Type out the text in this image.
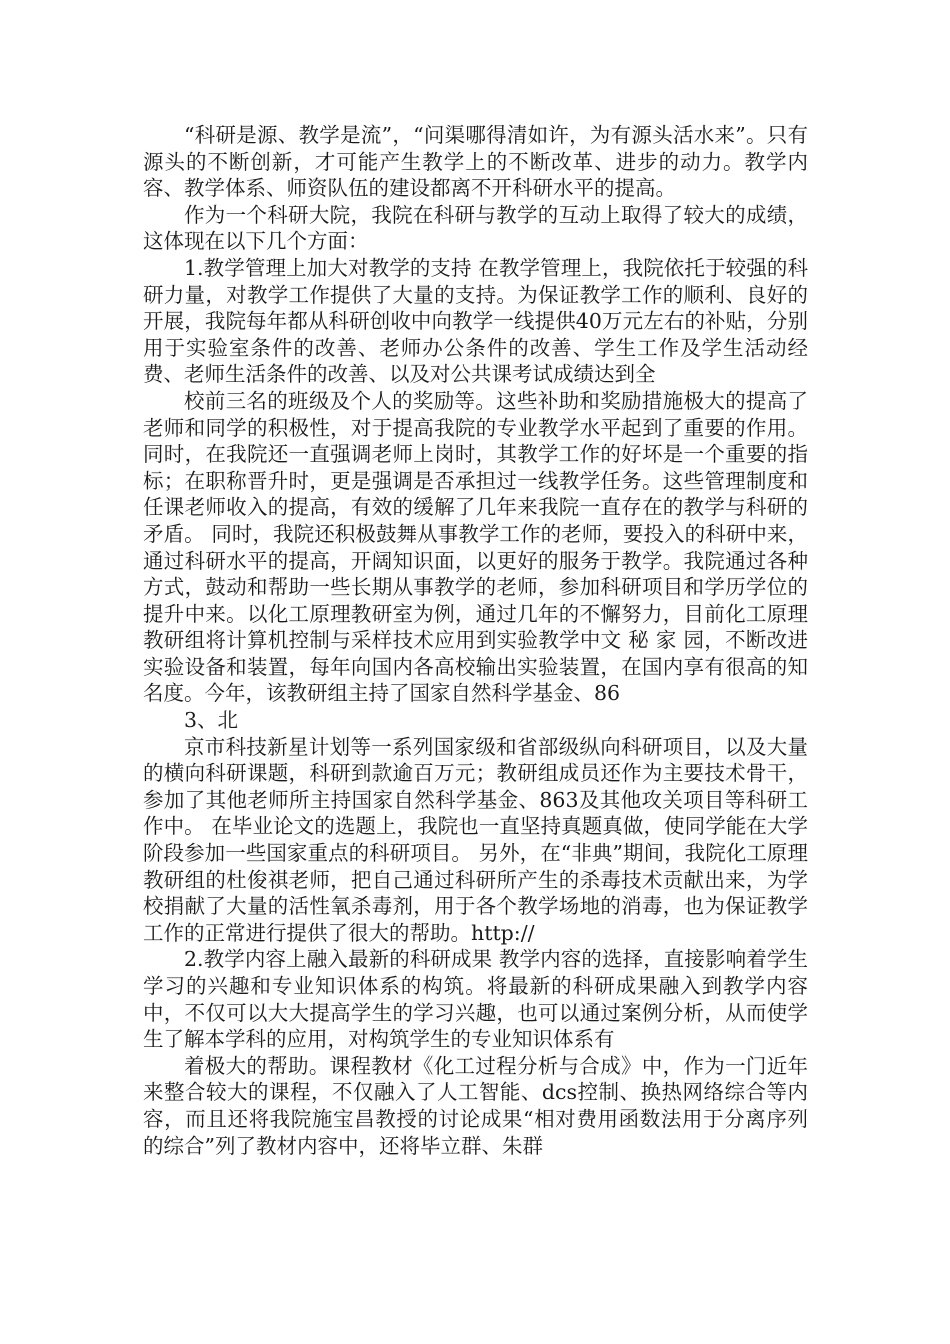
“科研是源、教学是流”，“问渠哪得清如许，为有源头活水来”。只有源头的不断创新，才可能产生教学上的不断改革、进步的动力。教学内容、教学体系、师资队伍的建设都离不开科研水平的提高。

作为一个科研大院，我院在科研与教学的互动上取得了较大的成绩，这体现在以下几个方面：

1.教学管理上加大对教学的支持 在教学管理上，我院依托于较强的科研力量，对教学工作提供了大量的支持。为保证教学工作的顺利、良好的开展，我院每年都从科研创收中向教学一线提供40万元左右的补贴，分别用于实验室条件的改善、老师办公条件的改善、学生工作及学生活动经费、老师生活条件的改善、以及对公共课考试成绩达到全

校前三名的班级及个人的奖励等。这些补助和奖励措施极大的提高了老师和同学的积极性，对于提高我院的专业教学水平起到了重要的作用。同时，在我院还一直强调老师上岗时，其教学工作的好坏是一个重要的指标；在职称晋升时，更是强调是否承担过一线教学任务。这些管理制度和任课老师收入的提高，有效的缓解了几年来我院一直存在的教学与科研的矛盾。 同时，我院还积极鼓舞从事教学工作的老师，要投入的科研中来，通过科研水平的提高，开阔知识面，以更好的服务于教学。我院通过各种方式，鼓动和帮助一些长期从事教学的老师，参加科研项目和学历学位的提升中来。以化工原理教研室为例，通过几年的不懈努力，目前化工原理教研组将计算机控制与采样技术应用到实验教学中文 秘 家 园，不断改进实验设备和装置，每年向国内各高校输出实验装置，在国内享有很高的知名度。今年，该教研组主持了国家自然科学基金、86

3、北

京市科技新星计划等一系列国家级和省部级纵向科研项目，以及大量的横向科研课题，科研到款逾百万元；教研组成员还作为主要技术骨干，参加了其他老师所主持国家自然科学基金、863及其他攻关项目等科研工作中。 在毕业论文的选题上，我院也一直坚持真题真做，使同学能在大学阶段参加一些国家重点的科研项目。 另外，在“非典”期间，我院化工原理教研组的杜俊祺老师，把自己通过科研所产生的杀毒技术贡献出来，为学校捐献了大量的活性氧杀毒剂，用于各个教学场地的消毒，也为保证教学工作的正常进行提供了很大的帮助。http://

2.教学内容上融入最新的科研成果 教学内容的选择，直接影响着学生学习的兴趣和专业知识体系的构筑。将最新的科研成果融入到教学内容中，不仅可以大大提高学生的学习兴趣，也可以通过案例分析，从而使学生了解本学科的应用，对构筑学生的专业知识体系有

着极大的帮助。课程教材《化工过程分析与合成》中，作为一门近年来整合较大的课程，不仅融入了人工智能、dcs控制、换热网络综合等内容，而且还将我院施宝昌教授的讨论成果“相对费用函数法用于分离序列的综合”列了教材内容中，还将毕立群、朱群
